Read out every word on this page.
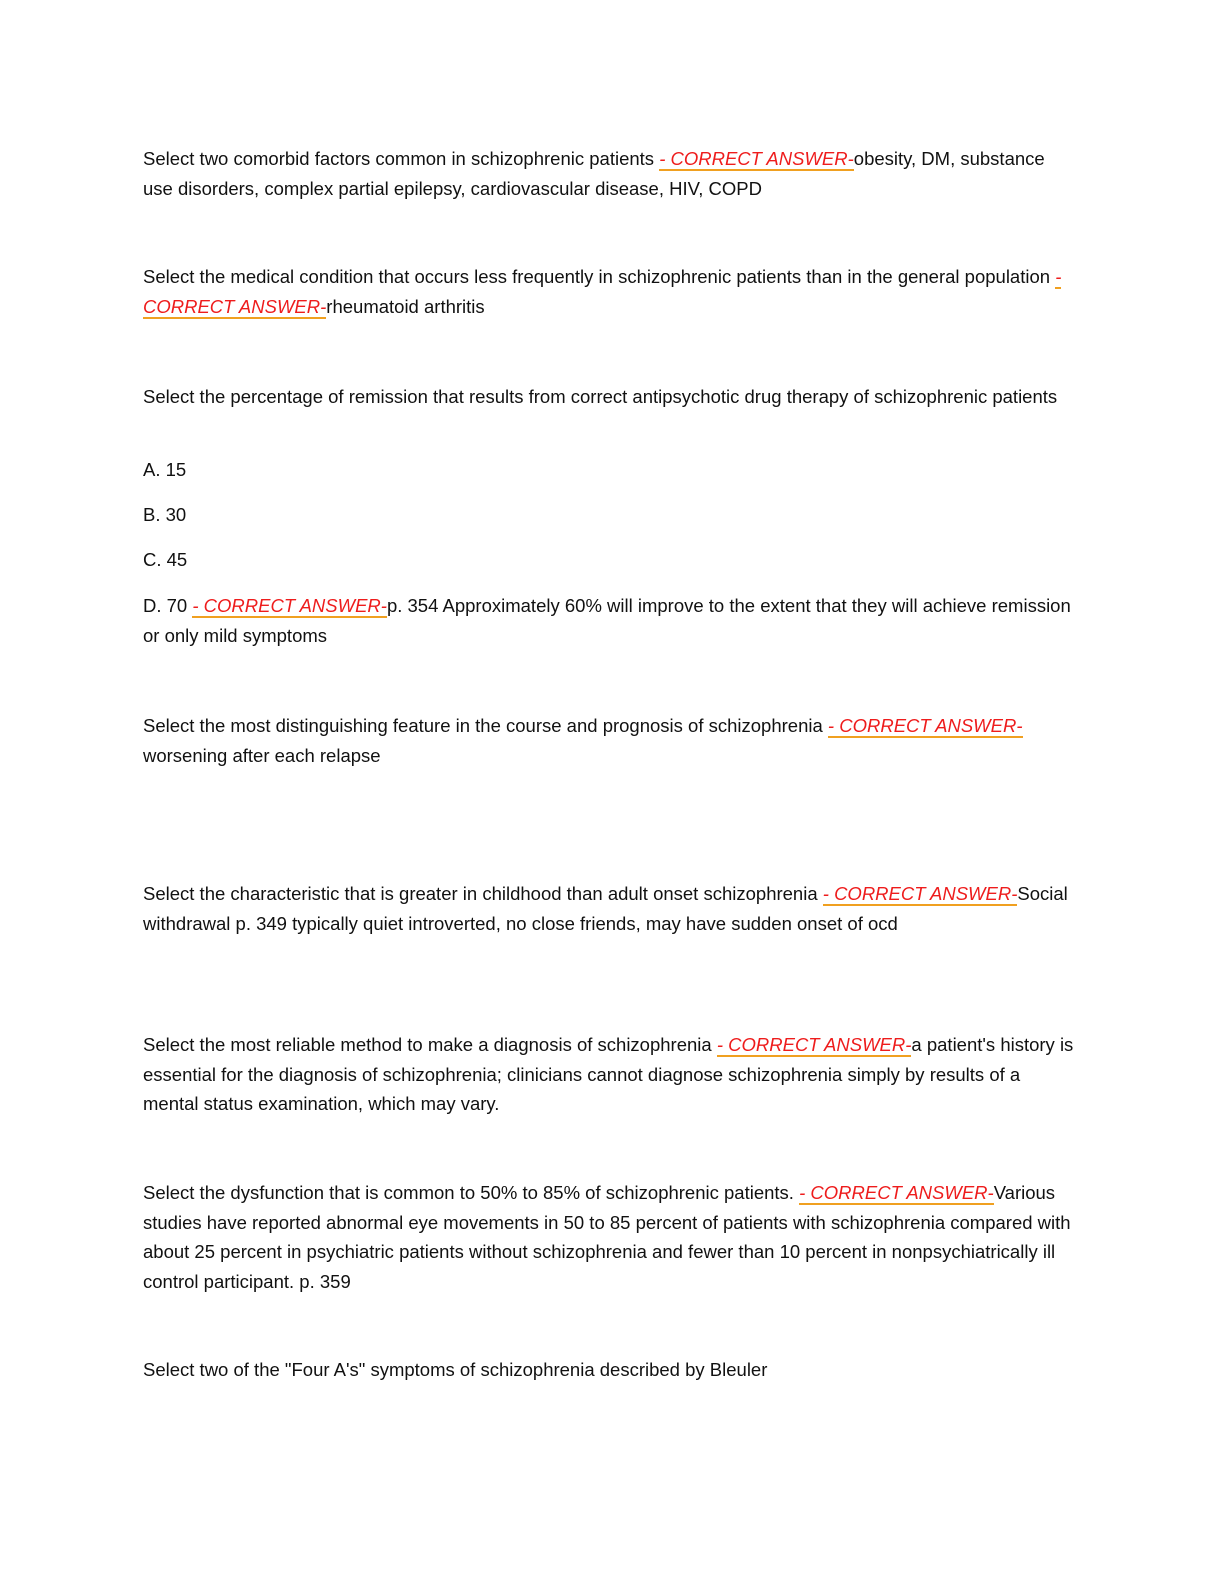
Select two comorbid factors common in schizophrenic patients - CORRECT ANSWER-obesity, DM, substance use disorders, complex partial epilepsy, cardiovascular disease, HIV, COPD

Select the medical condition that occurs less frequently in schizophrenic patients than in the general population - CORRECT ANSWER-rheumatoid arthritis

Select the percentage of remission that results from correct antipsychotic drug therapy of schizophrenic patients

A. 15

B. 30

C. 45

D. 70 - CORRECT ANSWER-p. 354 Approximately 60% will improve to the extent that they will achieve remission or only mild symptoms

Select the most distinguishing feature in the course and prognosis of schizophrenia - CORRECT ANSWER-worsening after each relapse

Select the characteristic that is greater in childhood than adult onset schizophrenia - CORRECT ANSWER-Social withdrawal p. 349 typically quiet introverted, no close friends, may have sudden onset of ocd

Select the most reliable method to make a diagnosis of schizophrenia - CORRECT ANSWER-a patient's history is essential for the diagnosis of schizophrenia; clinicians cannot diagnose schizophrenia simply by results of a mental status examination, which may vary.

Select the dysfunction that is common to 50% to 85% of schizophrenic patients. - CORRECT ANSWER-Various studies have reported abnormal eye movements in 50 to 85 percent of patients with schizophrenia compared with about 25 percent in psychiatric patients without schizophrenia and fewer than 10 percent in nonpsychiatrically ill control participant. p. 359

Select two of the "Four A's" symptoms of schizophrenia described by Bleuler
